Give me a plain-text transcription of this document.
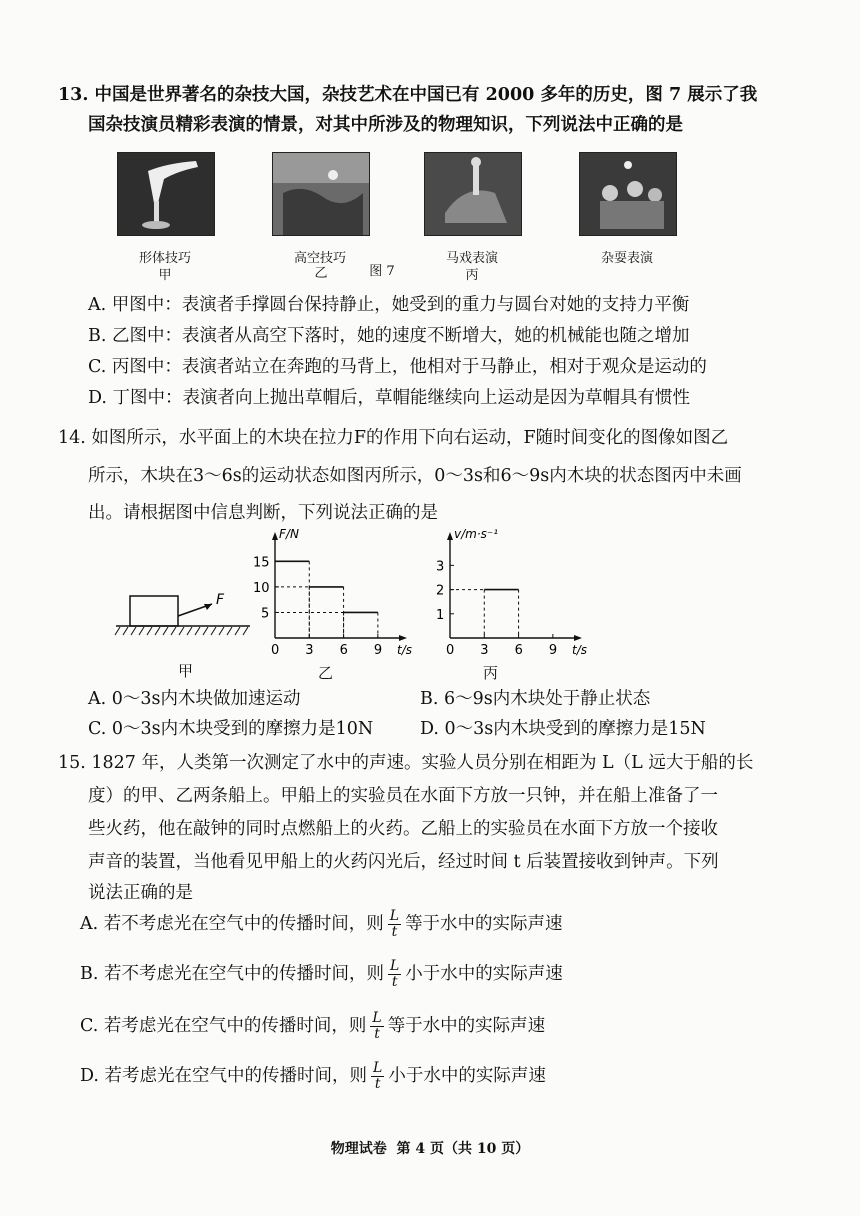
13. 中国是世界著名的杂技大国，杂技艺术在中国已有 2000 多年的历史，图 7 展示了我
国杂技演员精彩表演的情景，对其中所涉及的物理知识，下列说法中正确的是
形体技巧
甲
高空技巧
乙	图 7
马戏表演
丙
杂耍表演
A. 甲图中：表演者手撑圆台保持静止，她受到的重力与圆台对她的支持力平衡
B. 乙图中：表演者从高空下落时，她的速度不断增大，她的机械能也随之增加
C. 丙图中：表演者站立在奔跑的马背上，他相对于马静止，相对于观众是运动的
D. 丁图中：表演者向上抛出草帽后，草帽能继续向上运动是因为草帽具有惯性
14. 如图所示，水平面上的木块在拉力F的作用下向右运动，F随时间变化的图像如图乙
所示，木块在3～6s的运动状态如图丙所示，0～3s和6～9s内木块的状态图丙中未画
出。请根据图中信息判断，下列说法正确的是
F
甲
F/N
t/s
0 3 6 9
5
10
15
乙
v/m·s⁻¹
t/s
0 3 6 9
1
2
3
丙
A. 0～3s内木块做加速运动	B. 6～9s内木块处于静止状态
C. 0～3s内木块受到的摩擦力是10N	D. 0～3s内木块受到的摩擦力是15N
15. 1827 年，人类第一次测定了水中的声速。实验人员分别在相距为 L（L 远大于船的长
度）的甲、乙两条船上。甲船上的实验员在水面下方放一只钟，并在船上准备了一
些火药，他在敲钟的同时点燃船上的火药。乙船上的实验员在水面下方放一个接收
声音的装置，当他看见甲船上的火药闪光后，经过时间 t 后装置接收到钟声。下列
说法正确的是
A. 若不考虑光在空气中的传播时间，则 $\frac{L}{t}$ 等于水中的实际声速
B. 若不考虑光在空气中的传播时间，则 $\frac{L}{t}$ 小于水中的实际声速
C. 若考虑光在空气中的传播时间，则 $\frac{L}{t}$ 等于水中的实际声速
D. 若考虑光在空气中的传播时间，则 $\frac{L}{t}$ 小于水中的实际声速
物理试卷  第 4 页（共 10 页）
